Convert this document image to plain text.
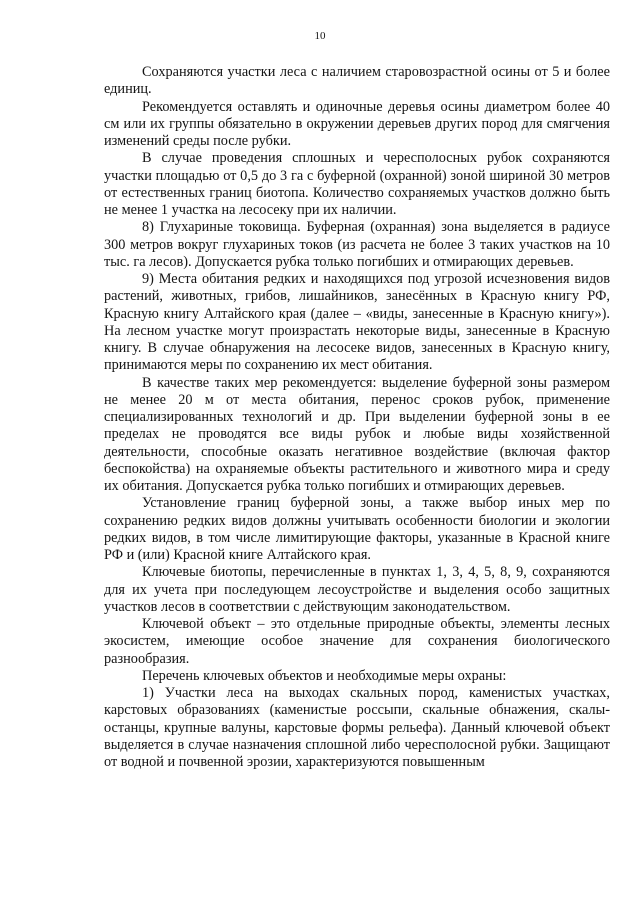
10

Сохраняются участки леса с наличием старовозрастной осины от 5 и более единиц.

Рекомендуется оставлять и одиночные деревья осины диаметром более 40 см или их группы обязательно в окружении деревьев других пород для смягчения изменений среды после рубки.

В случае проведения сплошных и чересполосных рубок сохраняются участки площадью от 0,5 до 3 га с буферной (охранной) зоной шириной 30 метров от естественных границ биотопа. Количество сохраняемых участков должно быть не менее 1 участка на лесосеку при их наличии.

8) Глухариные токовища. Буферная (охранная) зона выделяется в радиусе 300 метров вокруг глухариных токов (из расчета не более 3 таких участков на 10 тыс. га лесов). Допускается рубка только погибших и отмирающих деревьев.

9) Места обитания редких и находящихся под угрозой исчезновения видов растений, животных, грибов, лишайников, занесённых в Красную книгу РФ, Красную книгу Алтайского края (далее – «виды, занесенные в Красную книгу»). На лесном участке могут произрастать некоторые виды, занесенные в Красную книгу. В случае обнаружения на лесосеке видов, занесенных в Красную книгу, принимаются меры по сохранению их мест обитания.

В качестве таких мер рекомендуется: выделение буферной зоны размером не менее 20 м от места обитания, перенос сроков рубок, применение специализированных технологий и др. При выделении буферной зоны в ее пределах не проводятся все виды рубок и любые виды хозяйственной деятельности, способные оказать негативное воздействие (включая фактор беспокойства) на охраняемые объекты растительного и животного мира и среду их обитания. Допускается рубка только погибших и отмирающих деревьев.

Установление границ буферной зоны, а также выбор иных мер по сохранению редких видов должны учитывать особенности биологии и экологии редких видов, в том числе лимитирующие факторы, указанные в Красной книге РФ и (или) Красной книге Алтайского края.

Ключевые биотопы, перечисленные в пунктах 1, 3, 4, 5, 8, 9, сохраняются для их учета при последующем лесоустройстве и выделения особо защитных участков лесов в соответствии с действующим законодательством.

Ключевой объект – это отдельные природные объекты, элементы лесных экосистем, имеющие особое значение для сохранения биологического разнообразия.

Перечень ключевых объектов и необходимые меры охраны:

1) Участки леса на выходах скальных пород, каменистых участках, карстовых образованиях (каменистые россыпи, скальные обнажения, скалы-останцы, крупные валуны, карстовые формы рельефа). Данный ключевой объект выделяется в случае назначения сплошной либо чересполосной рубки. Защищают от водной и почвенной эрозии, характеризуются повышенным
